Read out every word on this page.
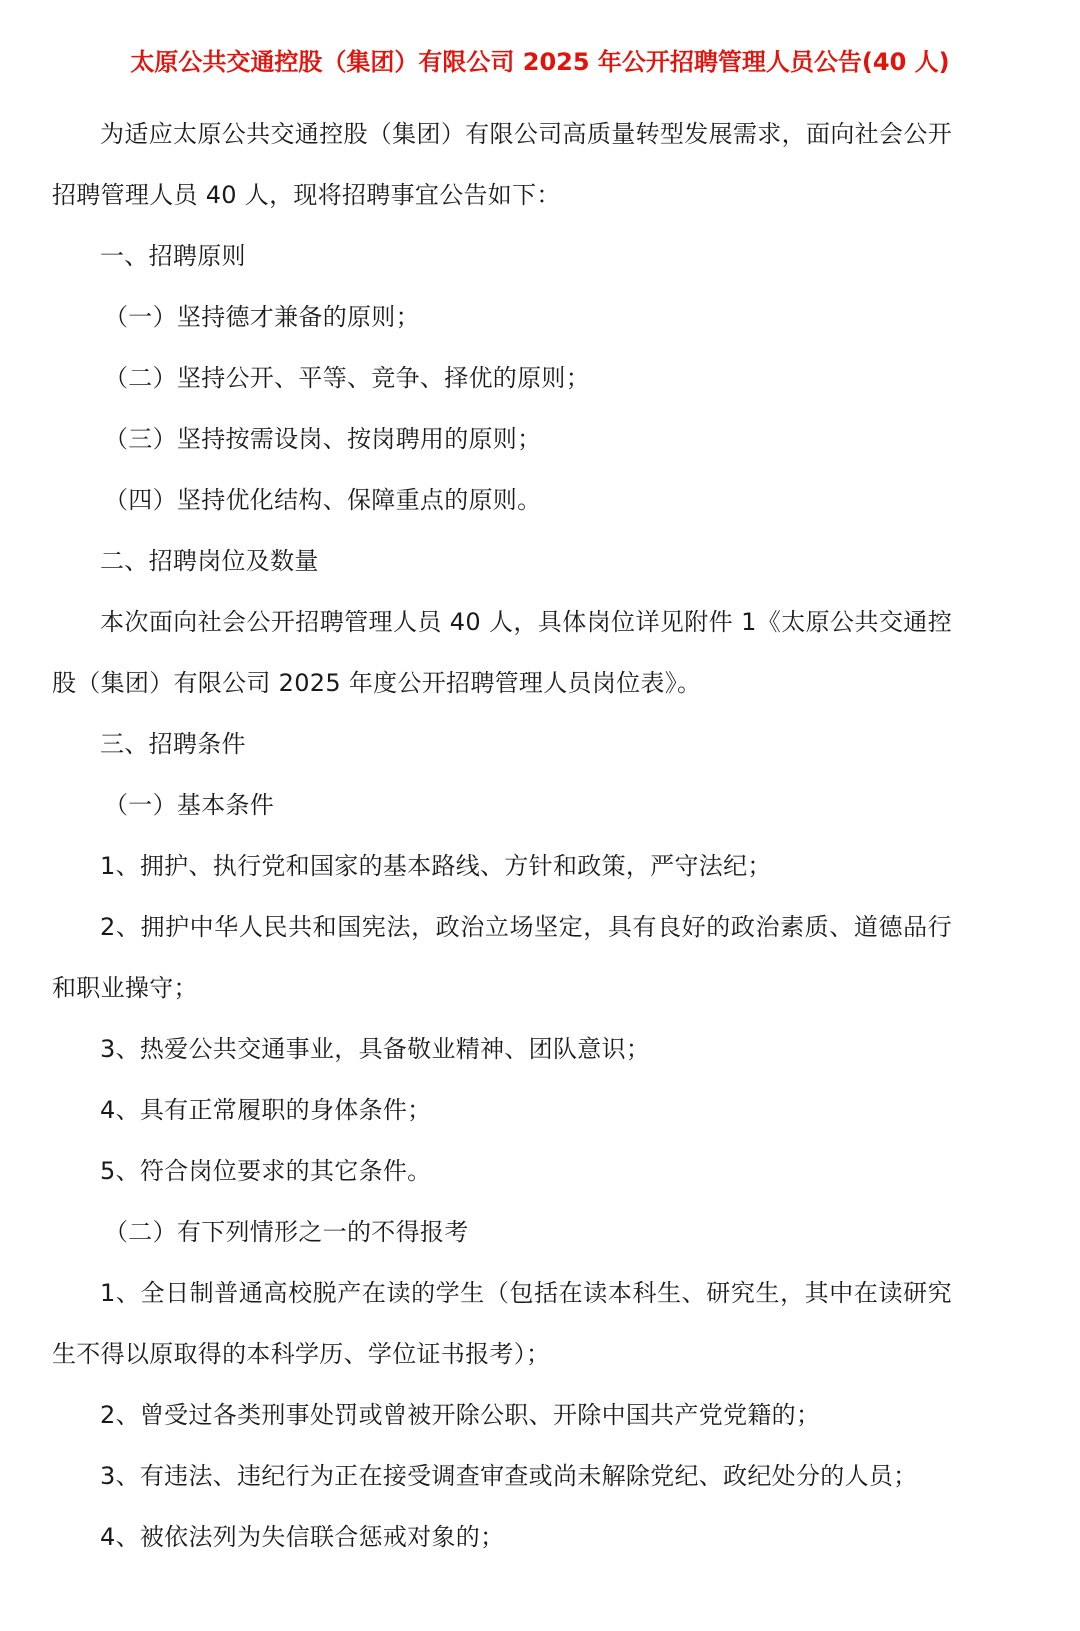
太原公共交通控股（集团）有限公司 2025 年公开招聘管理人员公告(40 人)

为适应太原公共交通控股（集团）有限公司高质量转型发展需求，面向社会公开招聘管理人员 40 人，现将招聘事宜公告如下：

一、招聘原则

（一）坚持德才兼备的原则；

（二）坚持公开、平等、竞争、择优的原则；

（三）坚持按需设岗、按岗聘用的原则；

（四）坚持优化结构、保障重点的原则。

二、招聘岗位及数量

本次面向社会公开招聘管理人员 40 人，具体岗位详见附件 1《太原公共交通控股（集团）有限公司 2025 年度公开招聘管理人员岗位表》。

三、招聘条件

（一）基本条件

1、拥护、执行党和国家的基本路线、方针和政策，严守法纪；

2、拥护中华人民共和国宪法，政治立场坚定，具有良好的政治素质、道德品行和职业操守；

3、热爱公共交通事业，具备敬业精神、团队意识；

4、具有正常履职的身体条件；

5、符合岗位要求的其它条件。

（二）有下列情形之一的不得报考

1、全日制普通高校脱产在读的学生（包括在读本科生、研究生，其中在读研究生不得以原取得的本科学历、学位证书报考）；

2、曾受过各类刑事处罚或曾被开除公职、开除中国共产党党籍的；

3、有违法、违纪行为正在接受调查审查或尚未解除党纪、政纪处分的人员；

4、被依法列为失信联合惩戒对象的；
